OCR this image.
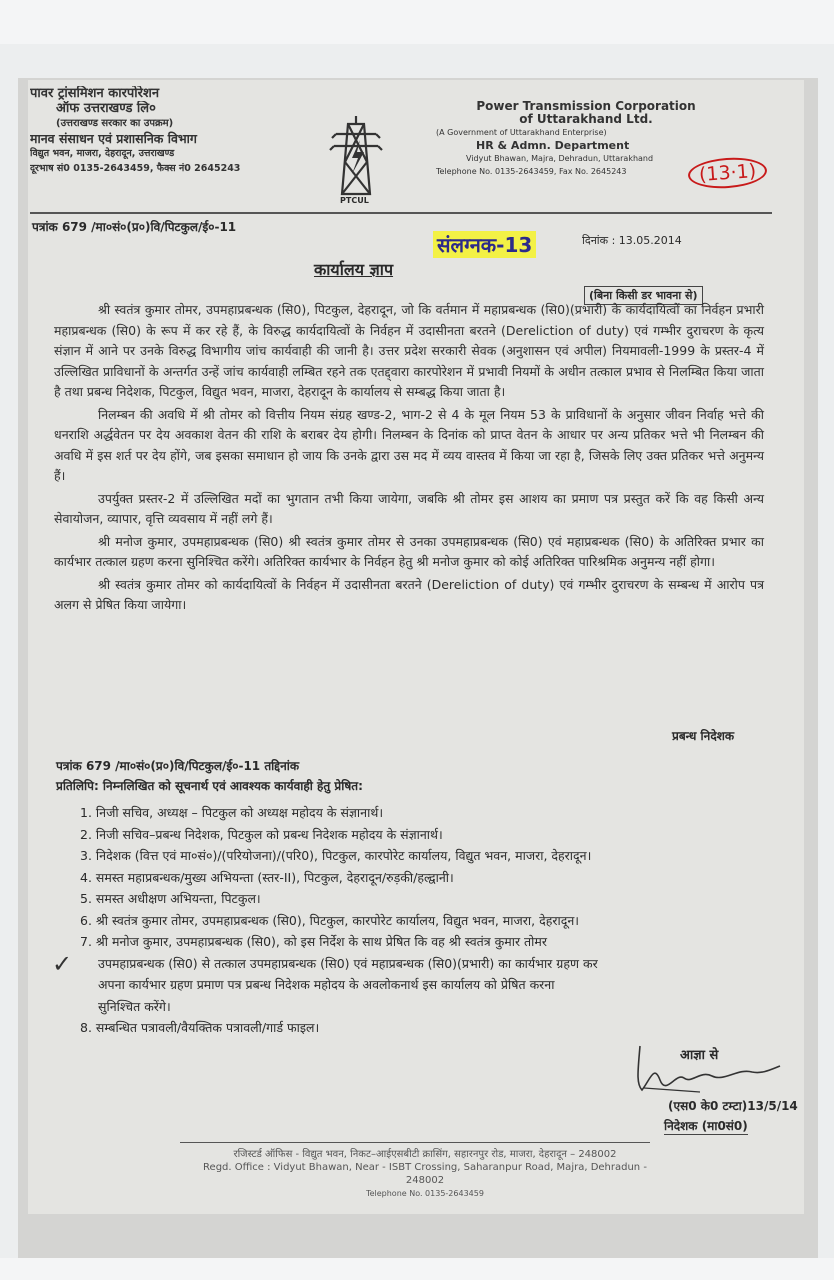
पावर ट्रांसमिशन कारपोरेशन
ऑफ उत्तराखण्ड लि०
(उत्तराखण्ड सरकार का उपक्रम)
मानव संसाधन एवं प्रशासनिक विभाग
विद्युत भवन, माजरा, देहरादून, उत्तराखण्ड
दूरभाष सं0 0135-2643459, फैक्स नं0 2645243
PTCUL
Power Transmission Corporation
of Uttarakhand Ltd.
(A Government of Uttarakhand Enterprise)
HR & Admn. Department
Vidyut Bhawan, Majra, Dehradun, Uttarakhand
Telephone No. 0135-2643459, Fax No. 2645243	(13·1)
पत्रांक 679 /मा०सं०(प्र०)वि/पिटकुल/ई०-11
संलग्नक-13	दिनांक : 13.05.2014
कार्यालय ज्ञाप
(बिना किसी डर भावना से)

श्री स्वतंत्र कुमार तोमर, उपमहाप्रबन्धक (सि0), पिटकुल, देहरादून, जो कि वर्तमान में महाप्रबन्धक (सि0)(प्रभारी) के कार्यदायित्वों का निर्वहन प्रभारी महाप्रबन्धक (सि0) के रूप में कर रहे हैं, के विरुद्ध कार्यदायित्वों के निर्वहन में उदासीनता बरतने (Dereliction of duty) एवं गम्भीर दुराचरण के कृत्य संज्ञान में आने पर उनके विरुद्ध विभागीय जांच कार्यवाही की जानी है। उत्तर प्रदेश सरकारी सेवक (अनुशासन एवं अपील) नियमावली-1999 के प्रस्तर-4 में उल्लिखित प्राविधानों के अन्तर्गत उन्हें जांच कार्यवाही लम्बित रहने तक एतद्द्वारा कारपोरेशन में प्रभावी नियमों के अधीन तत्काल प्रभाव से निलम्बित किया जाता है तथा प्रबन्ध निदेशक, पिटकुल, विद्युत भवन, माजरा, देहरादून के कार्यालय से सम्बद्ध किया जाता है।

निलम्बन की अवधि में श्री तोमर को वित्तीय नियम संग्रह खण्ड-2, भाग-2 से 4 के मूल नियम 53 के प्राविधानों के अनुसार जीवन निर्वाह भत्ते की धनराशि अर्द्धवेतन पर देय अवकाश वेतन की राशि के बराबर देय होगी। निलम्बन के दिनांक को प्राप्त वेतन के आधार पर अन्य प्रतिकर भत्ते भी निलम्बन की अवधि में इस शर्त पर देय होंगे, जब इसका समाधान हो जाय कि उनके द्वारा उस मद में व्यय वास्तव में किया जा रहा है, जिसके लिए उक्त प्रतिकर भत्ते अनुमन्य हैं।

उपर्युक्त प्रस्तर-2 में उल्लिखित मदों का भुगतान तभी किया जायेगा, जबकि श्री तोमर इस आशय का प्रमाण पत्र प्रस्तुत करें कि वह किसी अन्य सेवायोजन, व्यापार, वृत्ति व्यवसाय में नहीं लगे हैं।

श्री मनोज कुमार, उपमहाप्रबन्धक (सि0) श्री स्वतंत्र कुमार तोमर से उनका उपमहाप्रबन्धक (सि0) एवं महाप्रबन्धक (सि0) के अतिरिक्त प्रभार का कार्यभार तत्काल ग्रहण करना सुनिश्चित करेंगे। अतिरिक्त कार्यभार के निर्वहन हेतु श्री मनोज कुमार को कोई अतिरिक्त पारिश्रमिक अनुमन्य नहीं होगा।

श्री स्वतंत्र कुमार तोमर को कार्यदायित्वों के निर्वहन में उदासीनता बरतने (Dereliction of duty) एवं गम्भीर दुराचरण के सम्बन्ध में आरोप पत्र अलग से प्रेषित किया जायेगा।

प्रबन्ध निदेशक
पत्रांक 679 /मा०सं०(प्र०)वि/पिटकुल/ई०-11 तद्दिनांक
प्रतिलिपि: निम्नलिखित को सूचनार्थ एवं आवश्यक कार्यवाही हेतु प्रेषित:
1. निजी सचिव, अध्यक्ष – पिटकुल को अध्यक्ष महोदय के संज्ञानार्थ।
2. निजी सचिव–प्रबन्ध निदेशक, पिटकुल को प्रबन्ध निदेशक महोदय के संज्ञानार्थ।
3. निदेशक (वित्त एवं मा०सं०)/(परियोजना)/(परि0), पिटकुल, कारपोरेट कार्यालय, विद्युत भवन, माजरा, देहरादून।
4. समस्त महाप्रबन्धक/मुख्य अभियन्ता (स्तर-II), पिटकुल, देहरादून/रुड़की/हल्द्वानी।
5. समस्त अधीक्षण अभियन्ता, पिटकुल।
6. श्री स्वतंत्र कुमार तोमर, उपमहाप्रबन्धक (सि0), पिटकुल, कारपोरेट कार्यालय, विद्युत भवन, माजरा, देहरादून।
7. श्री मनोज कुमार, उपमहाप्रबन्धक (सि0), को इस निर्देश के साथ प्रेषित कि वह श्री स्वतंत्र कुमार तोमर
उपमहाप्रबन्धक (सि0) से तत्काल उपमहाप्रबन्धक (सि0) एवं महाप्रबन्धक (सि0)(प्रभारी) का कार्यभार ग्रहण कर
अपना कार्यभार ग्रहण प्रमाण पत्र प्रबन्ध निदेशक महोदय के अवलोकनार्थ इस कार्यालय को प्रेषित करना
सुनिश्चित करेंगे।
8. सम्बन्धित पत्रावली/वैयक्तिक पत्रावली/गार्ड फाइल।
✓
आज्ञा से
(एस0 के0 टम्टा)13/5/14
निदेशक (मा0सं0)
रजिस्टर्ड ऑफिस - विद्युत भवन, निकट–आईएसबीटी क्रासिंग, सहारनपुर रोड, माजरा, देहरादून – 248002
Regd. Office : Vidyut Bhawan, Near - ISBT Crossing, Saharanpur Road, Majra, Dehradun - 248002
Telephone No. 0135-2643459
